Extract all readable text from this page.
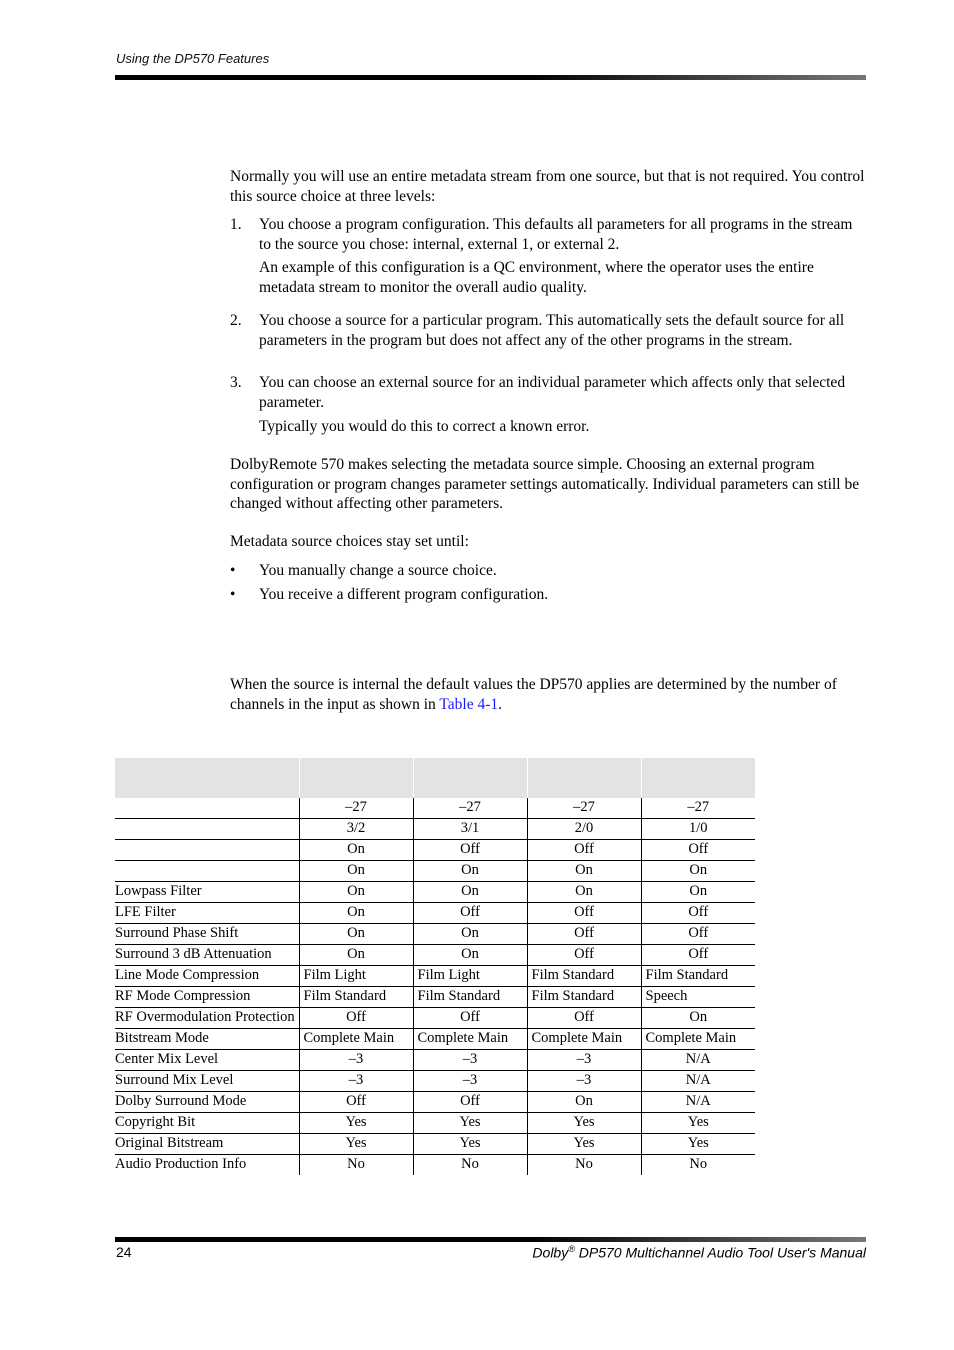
Using the DP570 Features

Normally you will use an entire metadata stream from one source, but that is not required. You control this source choice at three levels:

1. You choose a program configuration. This defaults all parameters for all programs in the stream to the source you chose: internal, external 1, or external 2.

An example of this configuration is a QC environment, where the operator uses the entire metadata stream to monitor the overall audio quality.

2. You choose a source for a particular program. This automatically sets the default source for all parameters in the program but does not affect any of the other programs in the stream.

3. You can choose an external source for an individual parameter which affects only that selected parameter.

Typically you would do this to correct a known error.

DolbyRemote 570 makes selecting the metadata source simple. Choosing an external program configuration or program changes parameter settings automatically. Individual parameters can still be changed without affecting other parameters.

Metadata source choices stay set until:

• You manually change a source choice.

• You receive a different program configuration.

When the source is internal the default values the DP570 applies are determined by the number of channels in the input as shown in Table 4-1.

	–27	–27	–27	–27
	3/2	3/1	2/0	1/0
	On	Off	Off	Off
	On	On	On	On
Lowpass Filter	On	On	On	On
LFE Filter	On	Off	Off	Off
Surround Phase Shift	On	On	Off	Off
Surround 3 dB Attenuation	On	On	Off	Off
Line Mode Compression	Film Light	Film Light	Film Standard	Film Standard
RF Mode Compression	Film Standard	Film Standard	Film Standard	Speech
RF Overmodulation Protection	Off	Off	Off	On
Bitstream Mode	Complete Main	Complete Main	Complete Main	Complete Main
Center Mix Level	–3	–3	–3	N/A
Surround Mix Level	–3	–3	–3	N/A
Dolby Surround Mode	Off	Off	On	N/A
Copyright Bit	Yes	Yes	Yes	Yes
Original Bitstream	Yes	Yes	Yes	Yes
Audio Production Info	No	No	No	No
24	Dolby® DP570 Multichannel Audio Tool User's Manual
